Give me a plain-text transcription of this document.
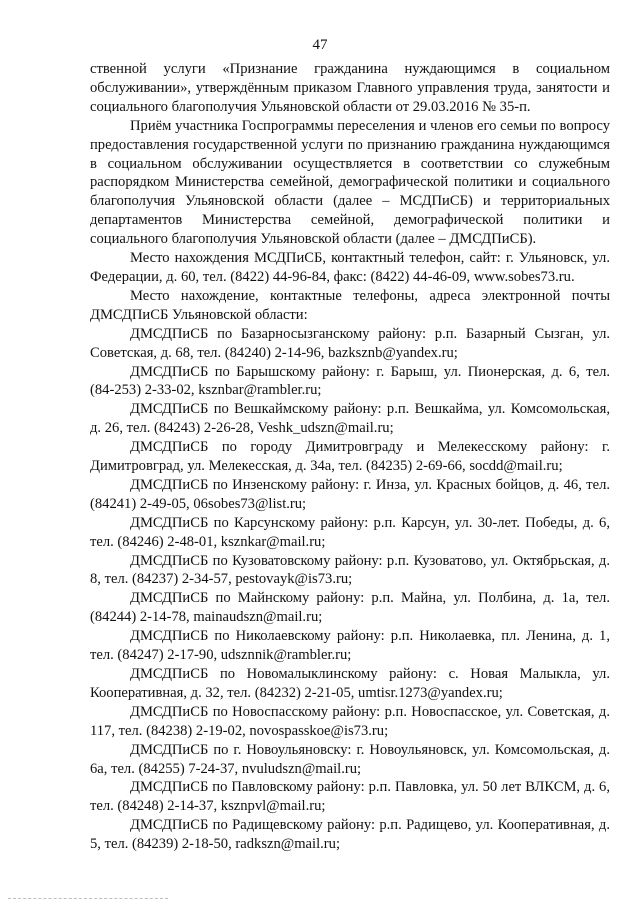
47

ственной услуги «Признание гражданина нуждающимся в социальном обслуживании», утверждённым приказом Главного управления труда, занятости и социального благополучия Ульяновской области от 29.03.2016 № 35-п.

Приём участника Госпрограммы переселения и членов его семьи по вопросу предоставления государственной услуги по признанию гражданина нуждающимся в социальном обслуживании осуществляется в соответствии со служебным распорядком Министерства семейной, демографической политики и социального благополучия Ульяновской области (далее – МСДПиСБ) и территориальных департаментов Министерства семейной, демографической политики и социального благополучия Ульяновской области (далее – ДМСДПиСБ).

Место нахождения МСДПиСБ, контактный телефон, сайт: г. Ульяновск, ул. Федерации, д. 60, тел. (8422) 44-96-84, факс: (8422) 44-46-09, www.sobes73.ru.

Место нахождение, контактные телефоны, адреса электронной почты ДМСДПиСБ Ульяновской области:

ДМСДПиСБ по Базарносызганскому району: р.п. Базарный Сызган, ул. Советская, д. 68, тел. (84240) 2-14-96, bazksznb@yandex.ru;

ДМСДПиСБ по Барышскому району: г. Барыш, ул. Пионерская, д. 6, тел. (84-253) 2-33-02, ksznbar@rambler.ru;

ДМСДПиСБ по Вешкаймскому району: р.п. Вешкайма, ул. Комсомольская, д. 26, тел. (84243) 2-26-28, Veshk_udszn@mail.ru;

ДМСДПиСБ по городу Димитровграду и Мелекесскому району: г. Димитровград, ул. Мелекесская, д. 34а, тел. (84235) 2-69-66, socdd@mail.ru;

ДМСДПиСБ по Инзенскому району: г. Инза, ул. Красных бойцов, д. 46, тел. (84241) 2-49-05, 06sobes73@list.ru;

ДМСДПиСБ по Карсунскому району: р.п. Карсун, ул. 30-лет. Победы, д. 6, тел. (84246) 2-48-01, ksznkar@mail.ru;

ДМСДПиСБ по Кузоватовскому району: р.п. Кузоватово, ул. Октябрьская, д. 8, тел. (84237) 2-34-57, pestovayk@is73.ru;

ДМСДПиСБ по Майнскому району: р.п. Майна, ул. Полбина, д. 1а, тел. (84244) 2-14-78, mainaudszn@mail.ru;

ДМСДПиСБ по Николаевскому району: р.п. Николаевка, пл. Ленина, д. 1, тел. (84247) 2-17-90, udsznnik@rambler.ru;

ДМСДПиСБ по Новомалыклинскому району: с. Новая Малыкла, ул. Кооперативная, д. 32, тел. (84232) 2-21-05, umtisr.1273@yandex.ru;

ДМСДПиСБ по Новоспасскому району: р.п. Новоспасское, ул. Советская, д. 117, тел. (84238) 2-19-02, novospasskoe@is73.ru;

ДМСДПиСБ по г. Новоульяновску: г. Новоульяновск, ул. Комсомольская, д. 6а, тел. (84255) 7-24-37, nvuludszn@mail.ru;

ДМСДПиСБ по Павловскому району: р.п. Павловка, ул. 50 лет ВЛКСМ, д. 6, тел. (84248) 2-14-37, ksznpvl@mail.ru;

ДМСДПиСБ по Радищевскому району: р.п. Радищево, ул. Кооперативная, д. 5, тел. (84239) 2-18-50, radkszn@mail.ru;
